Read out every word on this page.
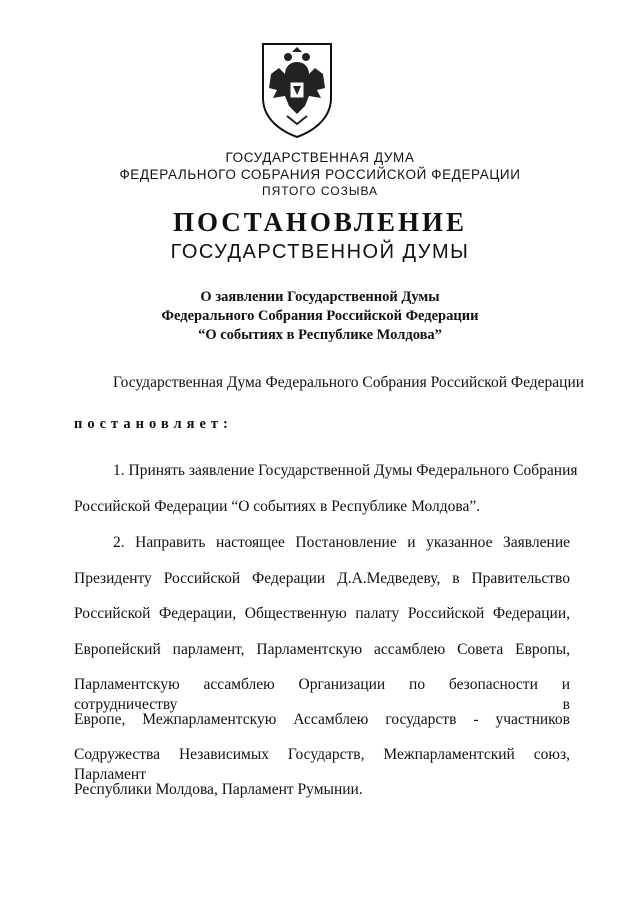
ГОСУДАРСТВЕННАЯ ДУМА
ФЕДЕРАЛЬНОГО СОБРАНИЯ РОССИЙСКОЙ ФЕДЕРАЦИИ
ПЯТОГО СОЗЫВА
ПОСТАНОВЛЕНИЕ
ГОСУДАРСТВЕННОЙ ДУМЫ
О заявлении Государственной Думы
Федерального Собрания Российской Федерации
“О событиях в Республике Молдова”
Государственная Дума Федерального Собрания Российской Федерации
постановляет:
1. Принять заявление Государственной Думы Федерального Собрания
Российской Федерации “О событиях в Республике Молдова”.
2. Направить настоящее Постановление и указанное Заявление
Президенту Российской Федерации Д.А.Медведеву, в Правительство
Российской Федерации, Общественную палату Российской Федерации,
Европейский парламент, Парламентскую ассамблею Совета Европы,
Парламентскую ассамблею Организации по безопасности и сотрудничеству в
Европе, Межпарламентскую Ассамблею государств - участников
Содружества Независимых Государств, Межпарламентский союз, Парламент
Республики Молдова, Парламент Румынии.
